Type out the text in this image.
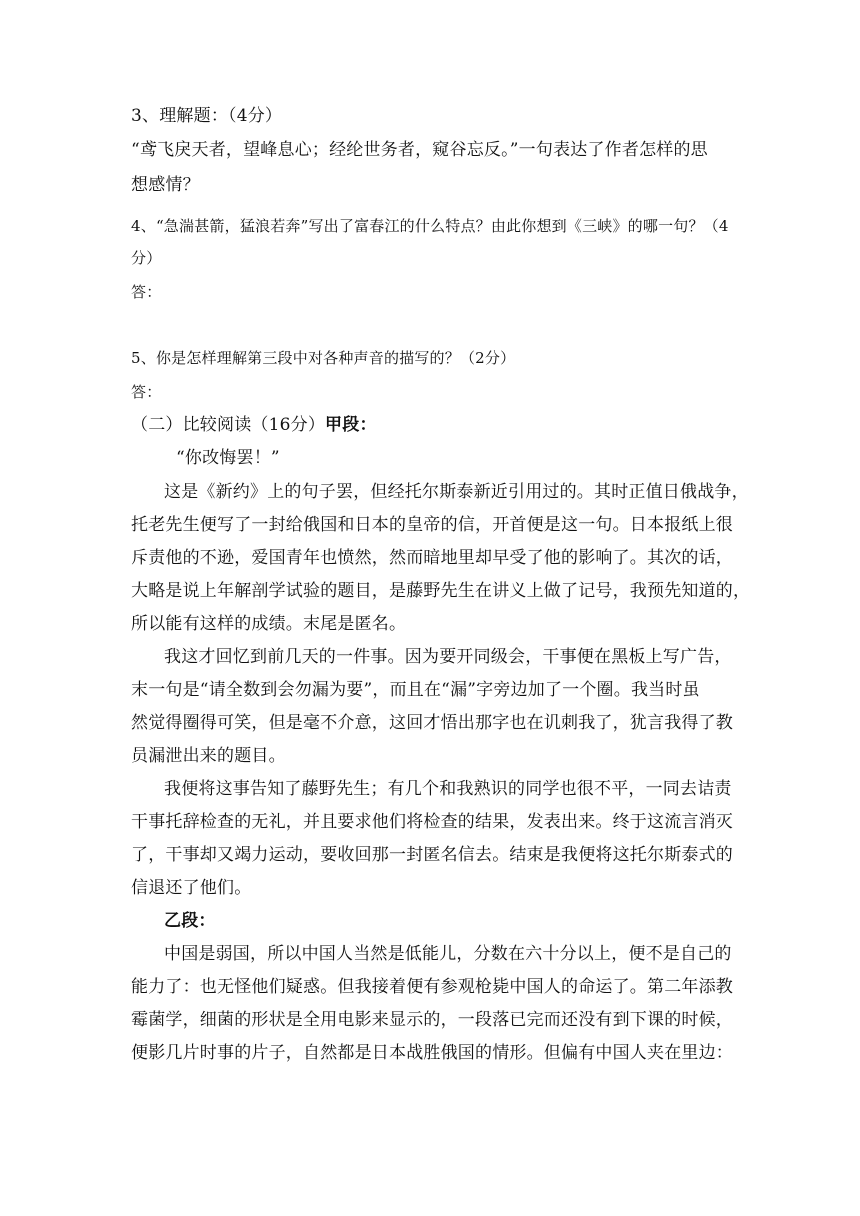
3、理解题：（4分）
“鸢飞戾天者，望峰息心；经纶世务者，窥谷忘反。”一句表达了作者怎样的思
想感情？
4、“急湍甚箭，猛浪若奔”写出了富春江的什么特点？由此你想到《三峡》的哪一句？（4
分）
答：
5、你是怎样理解第三段中对各种声音的描写的？（2分）
答：
（二）比较阅读（16分）甲段：
“你改悔罢！”
这是《新约》上的句子罢，但经托尔斯泰新近引用过的。其时正值日俄战争，
托老先生便写了一封给俄国和日本的皇帝的信，开首便是这一句。日本报纸上很
斥责他的不逊，爱国青年也愤然，然而暗地里却早受了他的影响了。其次的话，
大略是说上年解剖学试验的题目，是藤野先生在讲义上做了记号，我预先知道的，
所以能有这样的成绩。末尾是匿名。
我这才回忆到前几天的一件事。因为要开同级会，干事便在黑板上写广告，
末一句是“请全数到会勿漏为要”，而且在“漏”字旁边加了一个圈。我当时虽
然觉得圈得可笑，但是毫不介意，这回才悟出那字也在讥刺我了，犹言我得了教
员漏泄出来的题目。
我便将这事告知了藤野先生；有几个和我熟识的同学也很不平，一同去诘责
干事托辞检查的无礼，并且要求他们将检查的结果，发表出来。终于这流言消灭
了，干事却又竭力运动，要收回那一封匿名信去。结束是我便将这托尔斯泰式的
信退还了他们。
乙段：
中国是弱国，所以中国人当然是低能儿，分数在六十分以上，便不是自己的
能力了：也无怪他们疑惑。但我接着便有参观枪毙中国人的命运了。第二年添教
霉菌学，细菌的形状是全用电影来显示的，一段落已完而还没有到下课的时候，
便影几片时事的片子，自然都是日本战胜俄国的情形。但偏有中国人夹在里边：
